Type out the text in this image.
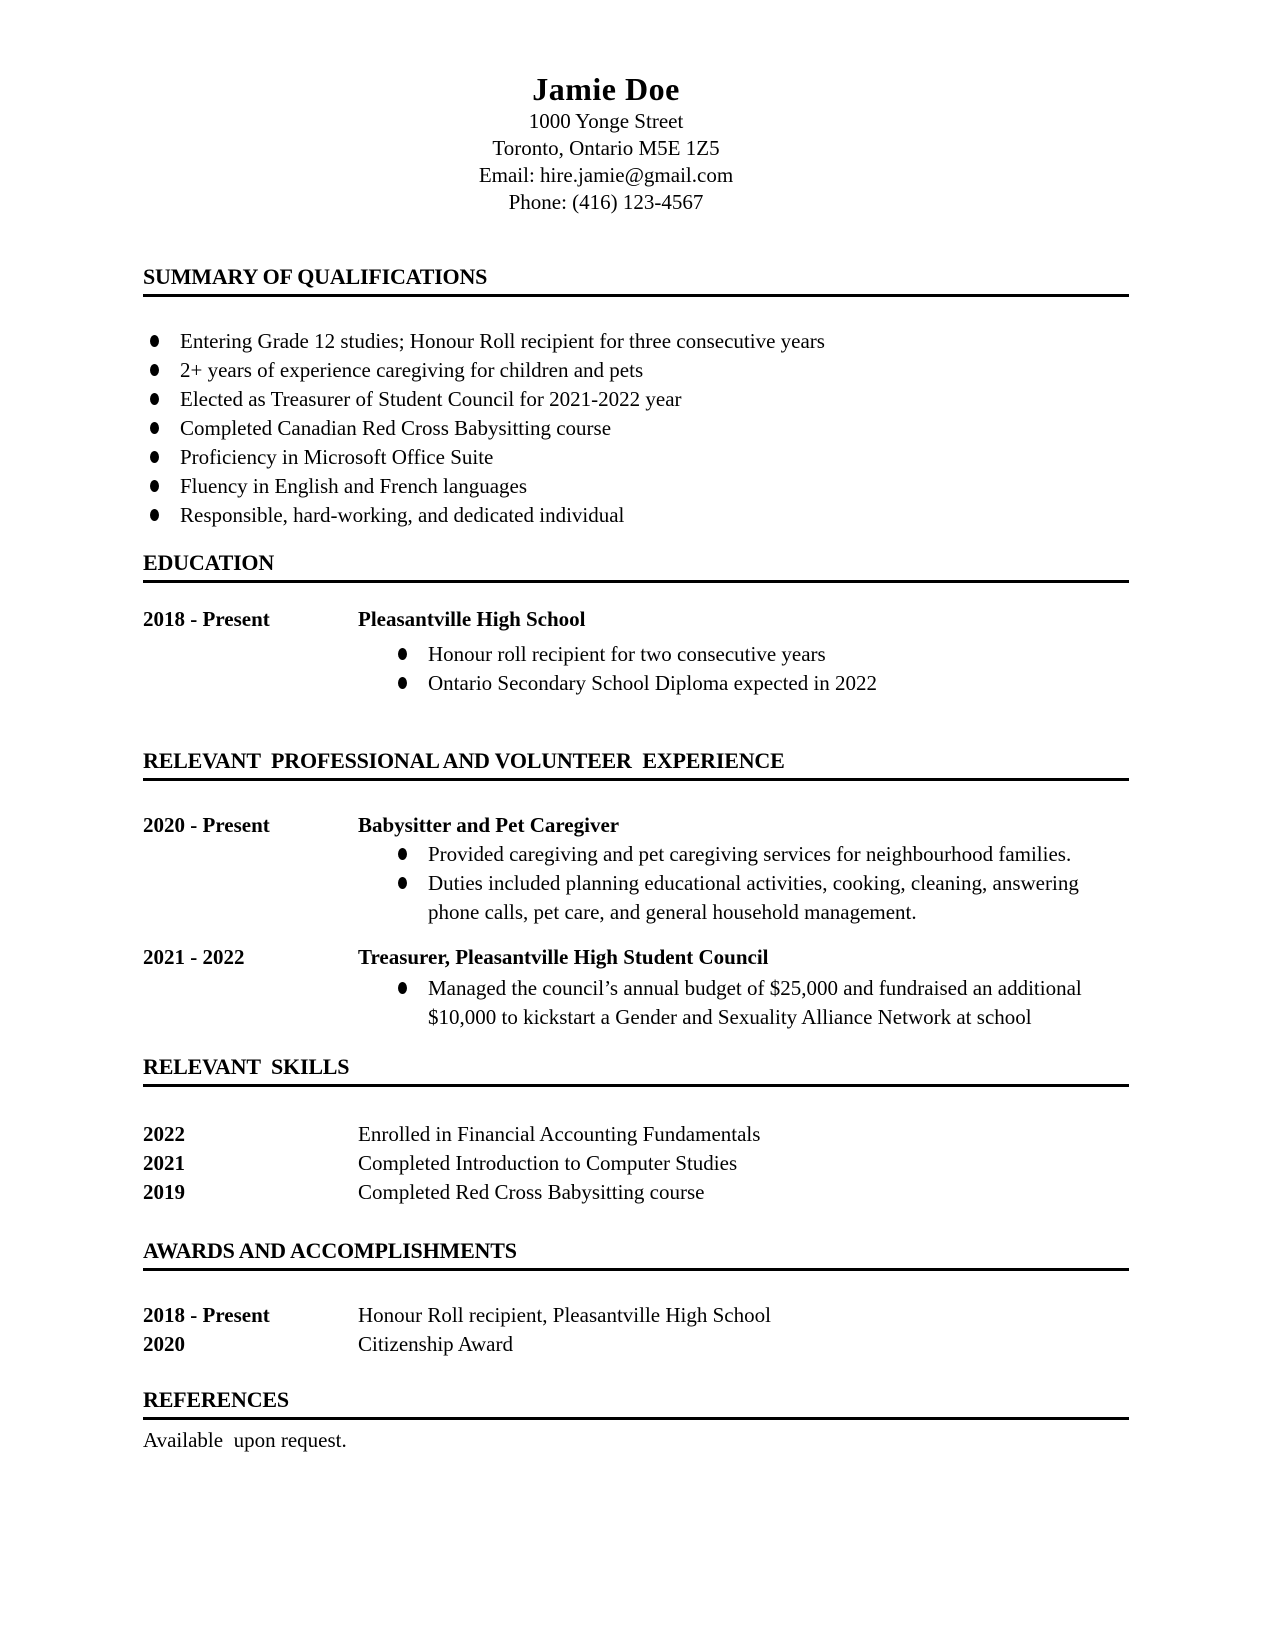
Jamie Doe
1000 Yonge Street
Toronto, Ontario M5E 1Z5
Email: hire.jamie@gmail.com
Phone: (416) 123-4567
SUMMARY OF QUALIFICATIONS
Entering Grade 12 studies; Honour Roll recipient for three consecutive years
2+ years of experience caregiving for children and pets
Elected as Treasurer of Student Council for 2021-2022 year
Completed Canadian Red Cross Babysitting course
Proficiency in Microsoft Office Suite
Fluency in English and French languages
Responsible, hard-working, and dedicated individual
EDUCATION
2018 - Present	Pleasantville High School
Honour roll recipient for two consecutive years
Ontario Secondary School Diploma expected in 2022
RELEVANT  PROFESSIONAL AND VOLUNTEER  EXPERIENCE
2020 - Present	Babysitter and Pet Caregiver
Provided caregiving and pet caregiving services for neighbourhood families.
Duties included planning educational activities, cooking, cleaning, answering phone calls, pet care, and general household management.
2021 - 2022	Treasurer, Pleasantville High Student Council
Managed the council’s annual budget of $25,000 and fundraised an additional $10,000 to kickstart a Gender and Sexuality Alliance Network at school
RELEVANT  SKILLS
2022	Enrolled in Financial Accounting Fundamentals
2021	Completed Introduction to Computer Studies
2019	Completed Red Cross Babysitting course
AWARDS AND ACCOMPLISHMENTS
2018 - Present	Honour Roll recipient, Pleasantville High School
2020	Citizenship Award
REFERENCES
Available  upon request.
